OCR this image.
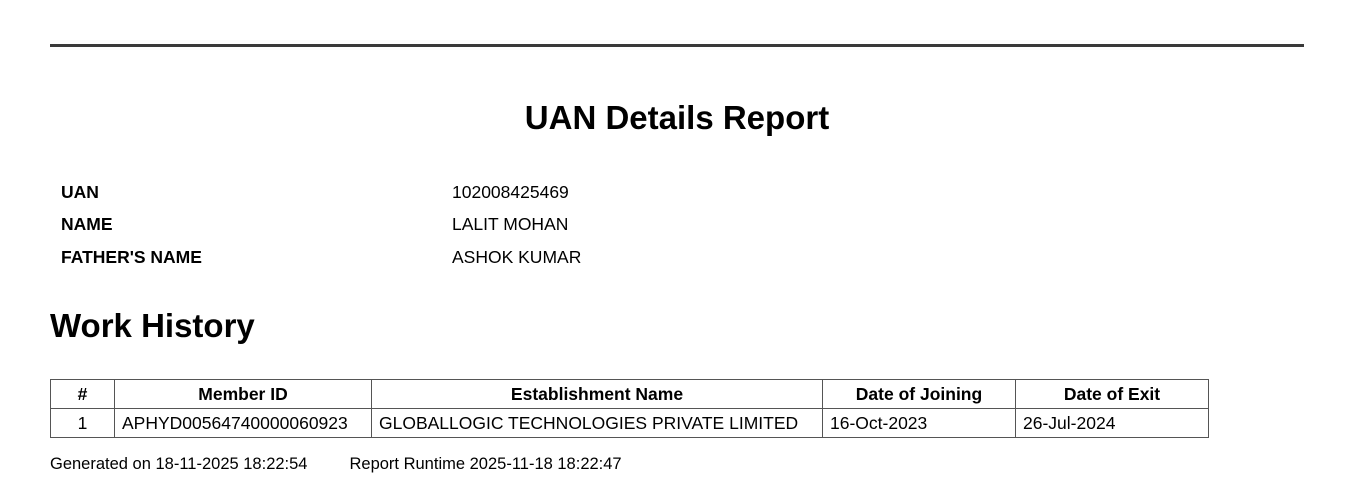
UAN Details Report
UAN	102008425469
NAME	LALIT MOHAN
FATHER'S NAME	ASHOK KUMAR
Work History
#	Member ID	Establishment Name	Date of Joining	Date of Exit
1	APHYD00564740000060923	GLOBALLOGIC TECHNOLOGIES PRIVATE LIMITED	16-Oct-2023	26-Jul-2024
Generated on 18-11-2025 18:22:54	Report Runtime 2025-11-18 18:22:47
